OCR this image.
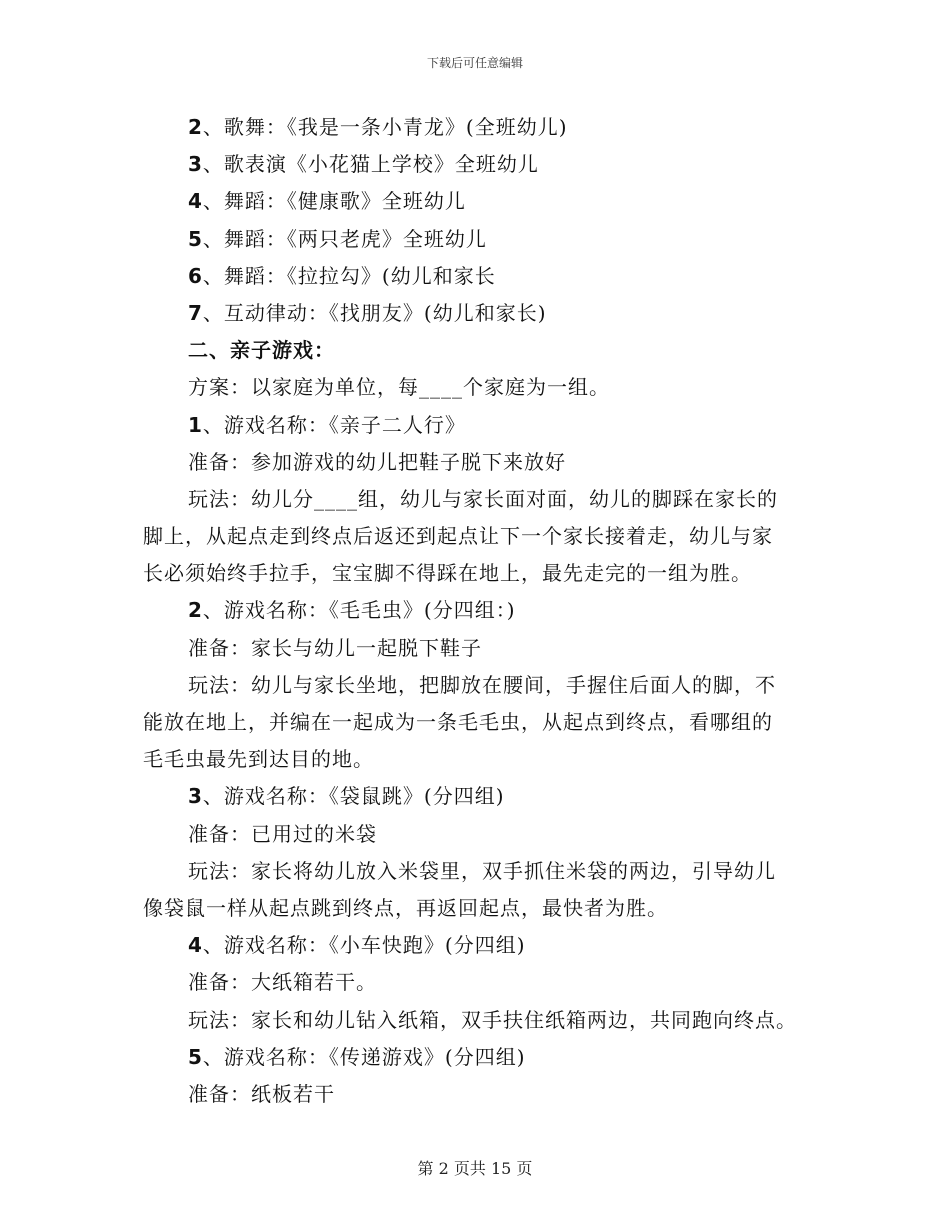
下载后可任意编辑
2、歌舞：《我是一条小青龙》(全班幼儿)
3、歌表演《小花猫上学校》全班幼儿
4、舞蹈：《健康歌》全班幼儿
5、舞蹈：《两只老虎》全班幼儿
6、舞蹈：《拉拉勾》(幼儿和家长
7、互动律动：《找朋友》(幼儿和家长)
二、亲子游戏：
方案：以家庭为单位，每____个家庭为一组。
1、游戏名称：《亲子二人行》
准备：参加游戏的幼儿把鞋子脱下来放好
玩法：幼儿分____组，幼儿与家长面对面，幼儿的脚踩在家长的
脚上，从起点走到终点后返还到起点让下一个家长接着走，幼儿与家
长必须始终手拉手，宝宝脚不得踩在地上，最先走完的一组为胜。
2、游戏名称：《毛毛虫》(分四组：)
准备：家长与幼儿一起脱下鞋子
玩法：幼儿与家长坐地，把脚放在腰间，手握住后面人的脚，不
能放在地上，并编在一起成为一条毛毛虫，从起点到终点，看哪组的
毛毛虫最先到达目的地。
3、游戏名称：《袋鼠跳》(分四组)
准备：已用过的米袋
玩法：家长将幼儿放入米袋里，双手抓住米袋的两边，引导幼儿
像袋鼠一样从起点跳到终点，再返回起点，最快者为胜。
4、游戏名称：《小车快跑》(分四组)
准备：大纸箱若干。
玩法：家长和幼儿钻入纸箱，双手扶住纸箱两边，共同跑向终点。
5、游戏名称：《传递游戏》(分四组)
准备：纸板若干
第 2 页共 15 页
